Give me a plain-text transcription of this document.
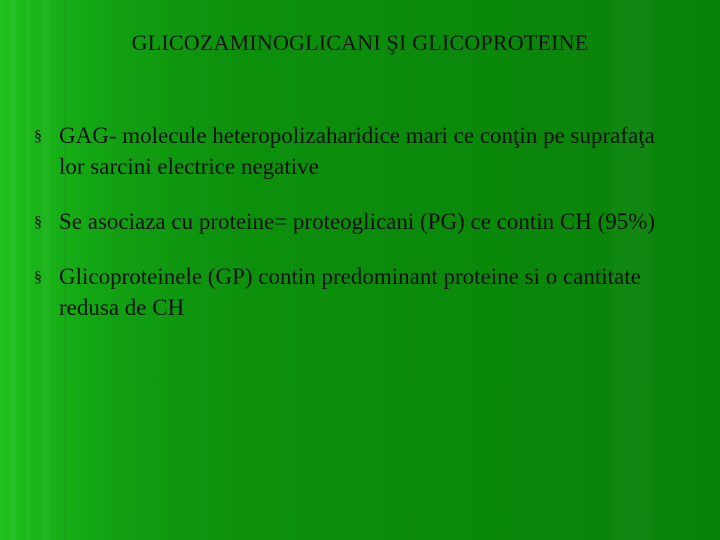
GLICOZAMINOGLICANI ŞI GLICOPROTEINE
§ GAG- molecule heteropolizaharidice mari ce conţin pe suprafaţa lor sarcini electrice negative
§ Se asociaza cu proteine= proteoglicani (PG) ce contin CH (95%)
§ Glicoproteinele (GP) contin predominant proteine si o cantitate redusa de CH
